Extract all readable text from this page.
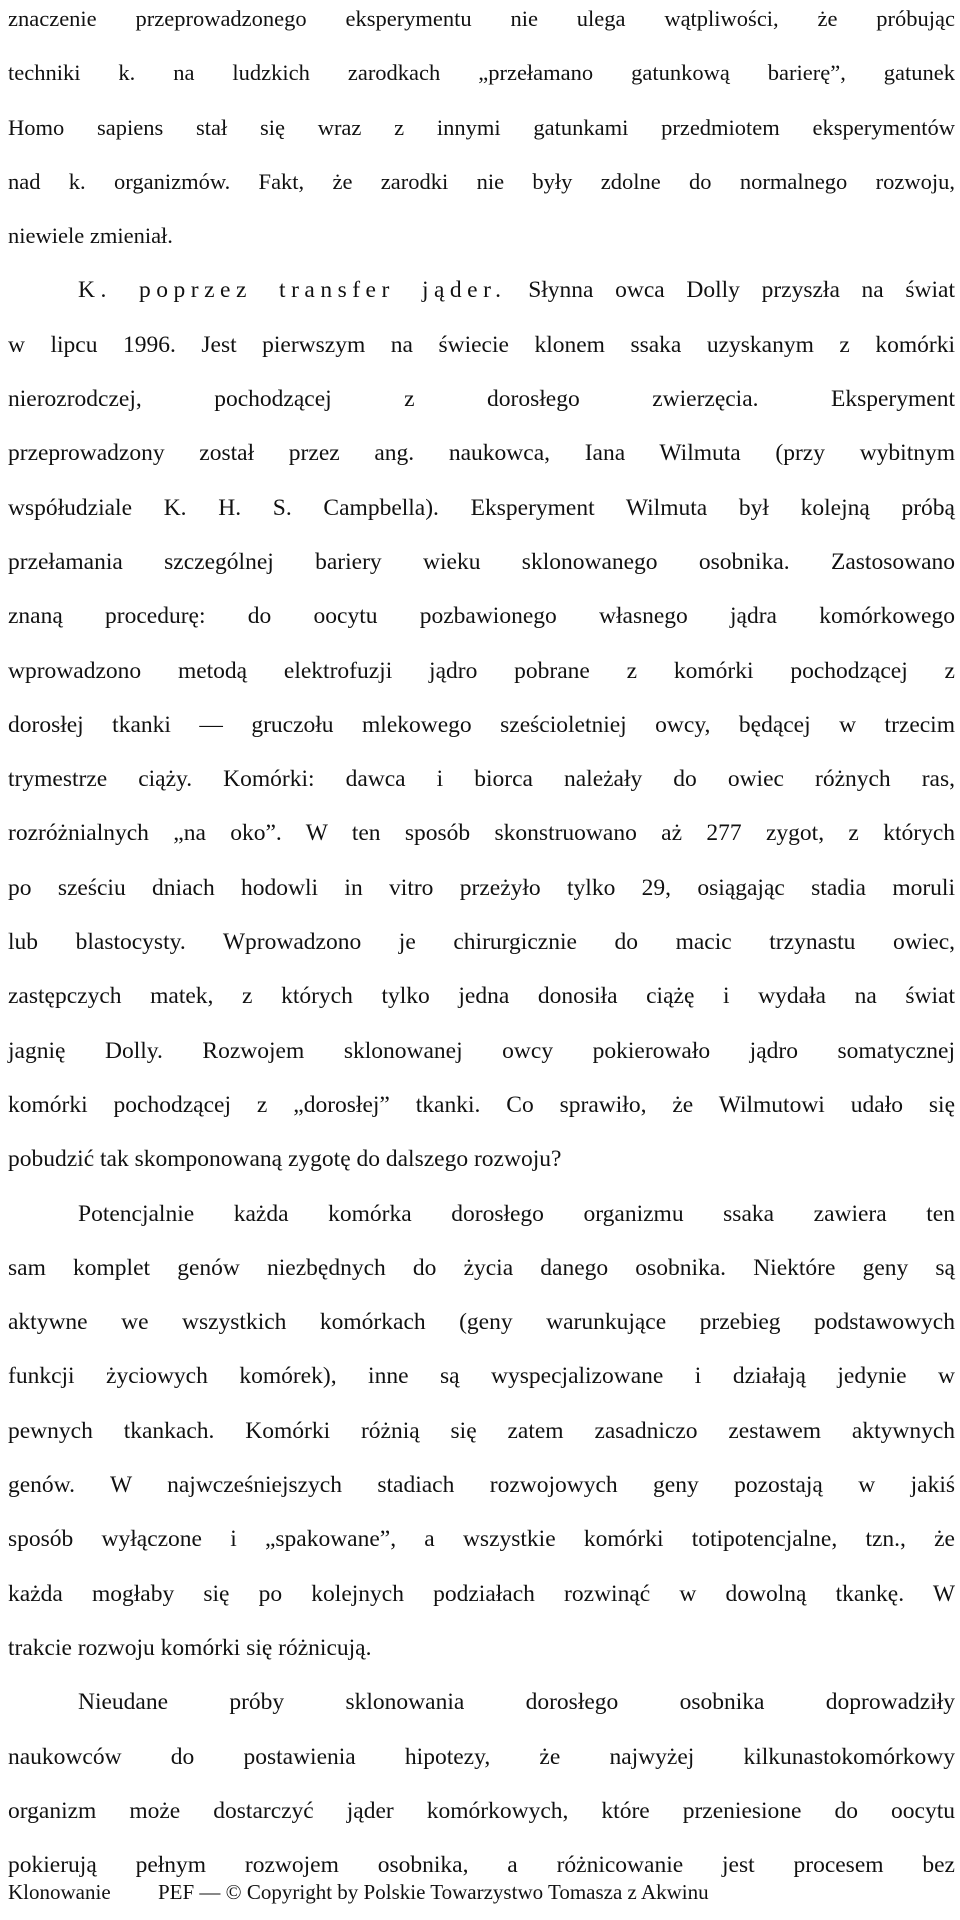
znaczenie przeprowadzonego eksperymentu nie ulega wątpliwości, że próbując
techniki k. na ludzkich zarodkach „przełamano gatunkową barierę”, gatunek
Homo sapiens stał się wraz z innymi gatunkami przedmiotem eksperymentów
nad k. organizmów. Fakt, że zarodki nie były zdolne do normalnego rozwoju,
niewiele zmieniał.
K. poprzez transfer jąder. Słynna owca Dolly przyszła na świat
w lipcu 1996. Jest pierwszym na świecie klonem ssaka uzyskanym z komórki
nierozrodczej, pochodzącej z dorosłego zwierzęcia. Eksperyment
przeprowadzony został przez ang. naukowca, Iana Wilmuta (przy wybitnym
współudziale K. H. S. Campbella). Eksperyment Wilmuta był kolejną próbą
przełamania szczególnej bariery wieku sklonowanego osobnika. Zastosowano
znaną procedurę: do oocytu pozbawionego własnego jądra komórkowego
wprowadzono metodą elektrofuzji jądro pobrane z komórki pochodzącej z
dorosłej tkanki — gruczołu mlekowego sześcioletniej owcy, będącej w trzecim
trymestrze ciąży. Komórki: dawca i biorca należały do owiec różnych ras,
rozróżnialnych „na oko”. W ten sposób skonstruowano aż 277 zygot, z których
po sześciu dniach hodowli in vitro przeżyło tylko 29, osiągając stadia moruli
lub blastocysty. Wprowadzono je chirurgicznie do macic trzynastu owiec,
zastępczych matek, z których tylko jedna donosiła ciążę i wydała na świat
jagnię Dolly. Rozwojem sklonowanej owcy pokierowało jądro somatycznej
komórki pochodzącej z „dorosłej” tkanki. Co sprawiło, że Wilmutowi udało się
pobudzić tak skomponowaną zygotę do dalszego rozwoju?
Potencjalnie każda komórka dorosłego organizmu ssaka zawiera ten
sam komplet genów niezbędnych do życia danego osobnika. Niektóre geny są
aktywne we wszystkich komórkach (geny warunkujące przebieg podstawowych
funkcji życiowych komórek), inne są wyspecjalizowane i działają jedynie w
pewnych tkankach. Komórki różnią się zatem zasadniczo zestawem aktywnych
genów. W najwcześniejszych stadiach rozwojowych geny pozostają w jakiś
sposób wyłączone i „spakowane”, a wszystkie komórki totipotencjalne, tzn., że
każda mogłaby się po kolejnych podziałach rozwinąć w dowolną tkankę. W
trakcie rozwoju komórki się różnicują.
Nieudane próby sklonowania dorosłego osobnika doprowadziły
naukowców do postawienia hipotezy, że najwyżej kilkunastokomórkowy
organizm może dostarczyć jąder komórkowych, które przeniesione do oocytu
pokierują pełnym rozwojem osobnika, a różnicowanie jest procesem bez
Klonowanie PEF — © Copyright by Polskie Towarzystwo Tomasza z Akwinu
